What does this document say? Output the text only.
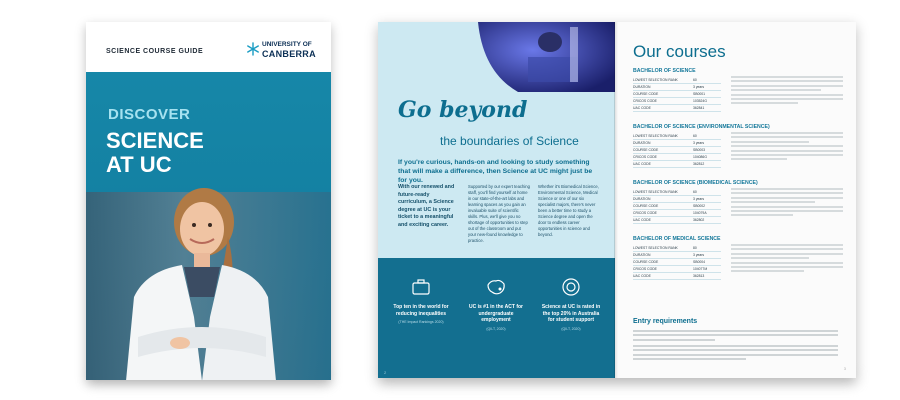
SCIENCE COURSE GUIDE
UNIVERSITY OF
CANBERRA
DISCOVER
SCIENCE
AT UC
Go beyond
the boundaries of Science
If you're curious, hands-on and looking to study something that will make a difference, then Science at UC might just be for you.
With our renewed and future-ready curriculum, a Science degree at UC is your ticket to a meaningful and exciting career.
Supported by our expert teaching staff, you'll find yourself at home in our state-of-the-art labs and learning spaces as you gain an invaluable suite of scientific skills. Plus, we'll give you no shortage of opportunities to step out of the classroom and put your new-found knowledge to practice.
Whether it's Biomedical Science, Environmental Science, Medical Science or one of our six specialist majors, there's never been a better time to study a Science degree and open the door to endless career opportunities in science and beyond.
Top ten in the world for reducing inequalities
(THE Impact Rankings 2020)
UC is #1 in the ACT for undergraduate employment
(QILT, 2020)
Science at UC is rated in the top 20% in Australia for student support
(QILT, 2020)
2
Our courses
BACHELOR OF SCIENCE
LOWEST SELECTION RANK	60
DURATION	3 years
COURSE CODE	SB0001
CRICOS CODE	103524G
UAC CODE	362841
BACHELOR OF SCIENCE (ENVIRONMENTAL SCIENCE)
LOWEST SELECTION RANK	60
DURATION	3 years
COURSE CODE	SB0003
CRICOS CODE	104086G
UAC CODE	362812
BACHELOR OF SCIENCE (BIOMEDICAL SCIENCE)
LOWEST SELECTION RANK	60
DURATION	3 years
COURSE CODE	SB0002
CRICOS CODE	104079A
UAC CODE	362802
BACHELOR OF MEDICAL SCIENCE
LOWEST SELECTION RANK	80
DURATION	3 years
COURSE CODE	SB0004
CRICOS CODE	104077M
UAC CODE	362813
Entry requirements
3
